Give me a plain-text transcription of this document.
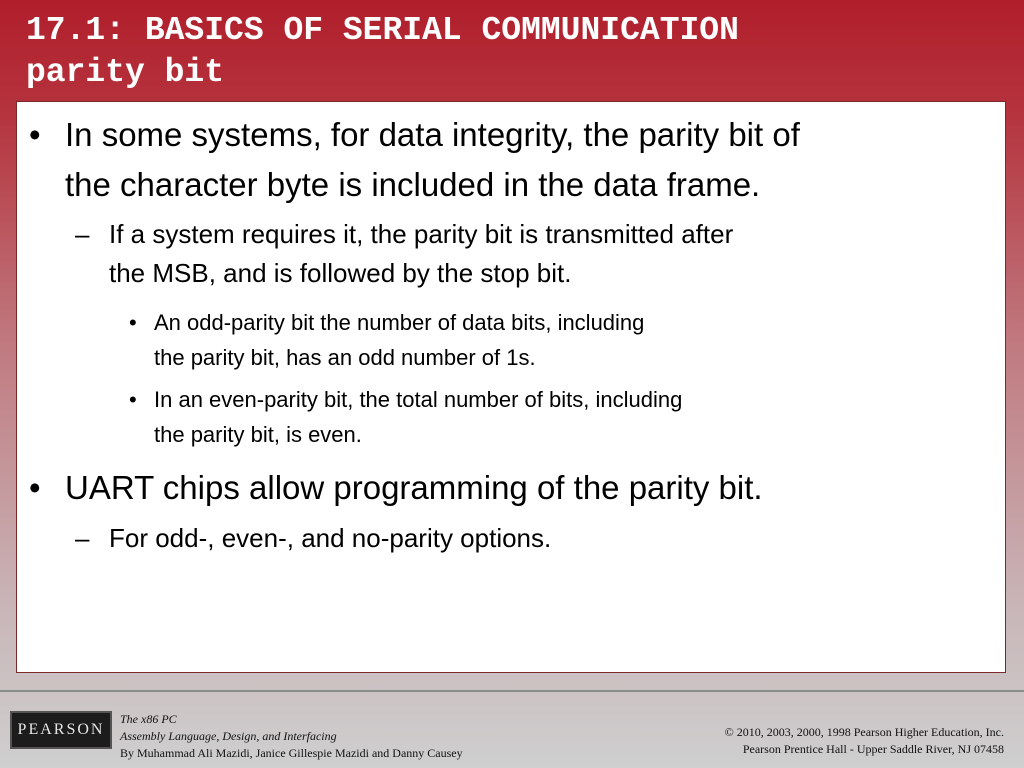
17.1: BASICS OF SERIAL COMMUNICATION
parity bit
• In some systems, for data integrity, the parity bit of
the character byte is included in the data frame.
– If a system requires it, the parity bit is transmitted after
the MSB, and is followed by the stop bit.
• An odd-parity bit the number of data bits, including
the parity bit, has an odd number of 1s.
• In an even-parity bit, the total number of bits, including
the parity bit, is even.
• UART chips allow programming of the parity bit.
– For odd-, even-, and no-parity options.
PEARSON
The x86 PC
Assembly Language, Design, and Interfacing
By Muhammad Ali Mazidi, Janice Gillespie Mazidi and Danny Causey
© 2010, 2003, 2000, 1998 Pearson Higher Education, Inc.
Pearson Prentice Hall - Upper Saddle River, NJ 07458
